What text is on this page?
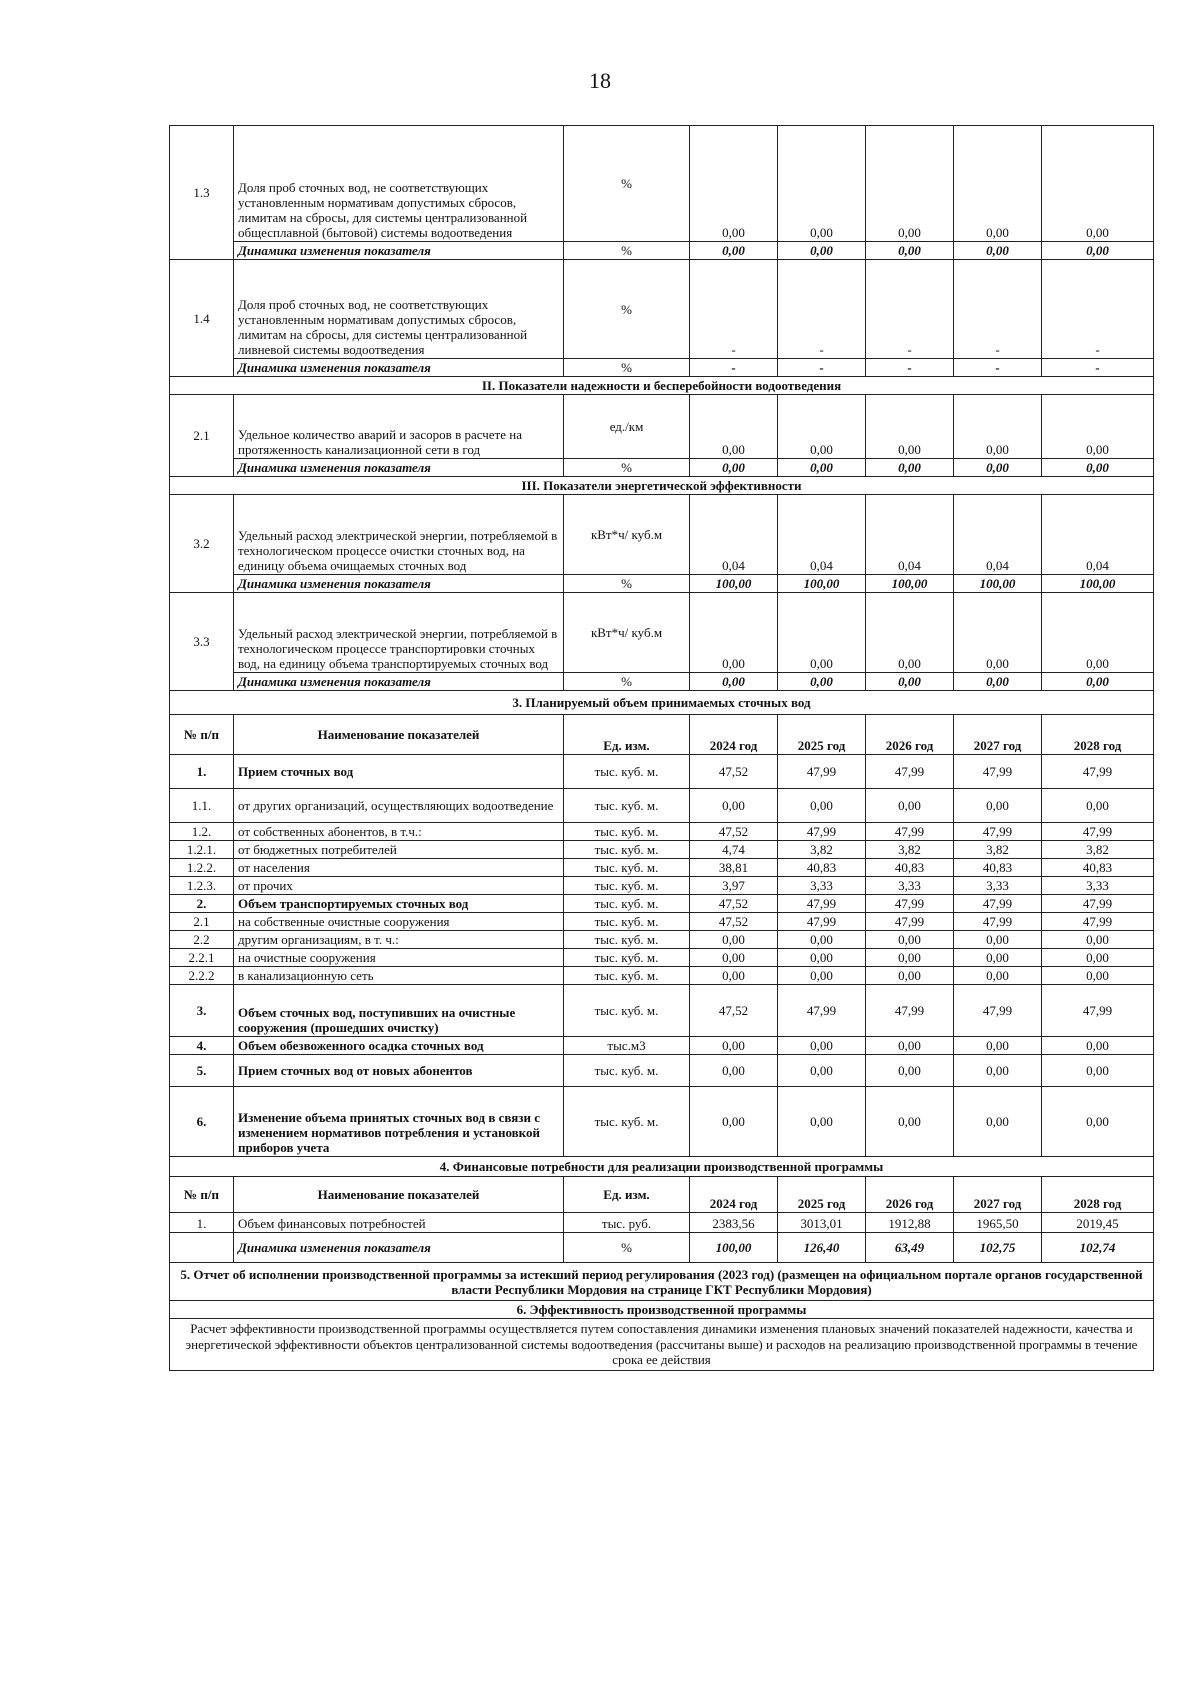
18
1.3	Доля проб сточных вод, не соответствующих установленным нормативам допустимых сбросов, лимитам на сбросы, для системы централизованной общесплавной (бытовой) системы водоотведения	%	0,00	0,00	0,00	0,00	0,00
	Динамика изменения показателя	%	0,00	0,00	0,00	0,00	0,00
1.4	Доля проб сточных вод, не соответствующих установленным нормативам допустимых сбросов, лимитам на сбросы, для системы централизованной ливневой системы водоотведения	%	-	-	-	-	-
	Динамика изменения показателя	%	-	-	-	-	-
II. Показатели надежности и бесперебойности водоотведения							
2.1	Удельное количество аварий и засоров в расчете на протяженность канализационной сети в год	ед./км	0,00	0,00	0,00	0,00	0,00
	Динамика изменения показателя	%	0,00	0,00	0,00	0,00	0,00
III. Показатели энергетической эффективности							
3.2	Удельный расход электрической энергии, потребляемой в технологическом процессе очистки сточных вод, на единицу объема очищаемых сточных вод	кВт*ч/ куб.м	0,04	0,04	0,04	0,04	0,04
	Динамика изменения показателя	%	100,00	100,00	100,00	100,00	100,00
3.3	Удельный расход электрической энергии, потребляемой в технологическом процессе транспортировки сточных вод, на единицу объема транспортируемых сточных вод	кВт*ч/ куб.м	0,00	0,00	0,00	0,00	0,00
	Динамика изменения показателя	%	0,00	0,00	0,00	0,00	0,00
3. Планируемый объем принимаемых сточных вод							
№ п/п	Наименование показателей	Ед. изм.	2024 год	2025 год	2026 год	2027 год	2028 год
1.	Прием сточных вод	тыс. куб. м.	47,52	47,99	47,99	47,99	47,99
1.1.	от других организаций, осуществляющих водоотведение	тыс. куб. м.	0,00	0,00	0,00	0,00	0,00
1.2.	от собственных абонентов, в т.ч.:	тыс. куб. м.	47,52	47,99	47,99	47,99	47,99
1.2.1.	от бюджетных потребителей	тыс. куб. м.	4,74	3,82	3,82	3,82	3,82
1.2.2.	от населения	тыс. куб. м.	38,81	40,83	40,83	40,83	40,83
1.2.3.	от прочих	тыс. куб. м.	3,97	3,33	3,33	3,33	3,33
2.	Объем транспортируемых сточных вод	тыс. куб. м.	47,52	47,99	47,99	47,99	47,99
2.1	на собственные очистные сооружения	тыс. куб. м.	47,52	47,99	47,99	47,99	47,99
2.2	другим организациям, в т. ч.:	тыс. куб. м.	0,00	0,00	0,00	0,00	0,00
2.2.1	на очистные сооружения	тыс. куб. м.	0,00	0,00	0,00	0,00	0,00
2.2.2	в канализационную сеть	тыс. куб. м.	0,00	0,00	0,00	0,00	0,00
3.	Объем сточных вод, поступивших на очистные сооружения (прошедших очистку)	тыс. куб. м.	47,52	47,99	47,99	47,99	47,99
4.	Объем обезвоженного осадка сточных вод	тыс.м3	0,00	0,00	0,00	0,00	0,00
5.	Прием сточных вод от новых абонентов	тыс. куб. м.	0,00	0,00	0,00	0,00	0,00
6.	Изменение объема принятых сточных вод в связи с изменением нормативов потребления и установкой приборов учета	тыс. куб. м.	0,00	0,00	0,00	0,00	0,00
4. Финансовые потребности для реализации производственной программы							
№ п/п	Наименование показателей	Ед. изм.	2024 год	2025 год	2026 год	2027 год	2028 год
1.	Объем финансовых потребностей	тыс. руб.	2383,56	3013,01	1912,88	1965,50	2019,45
	Динамика изменения показателя	%	100,00	126,40	63,49	102,75	102,74
5. Отчет об исполнении производственной программы за истекший период регулирования (2023 год) (размещен на официальном портале органов государственной власти Республики Мордовия на странице ГКТ Республики Мордовия)							
6. Эффективность производственной программы							
Расчет эффективности производственной программы осуществляется путем сопоставления динамики изменения плановых значений показателей надежности, качества и энергетической эффективности объектов централизованной системы водоотведения (рассчитаны выше) и расходов на реализацию производственной программы в течение срока ее действия							
